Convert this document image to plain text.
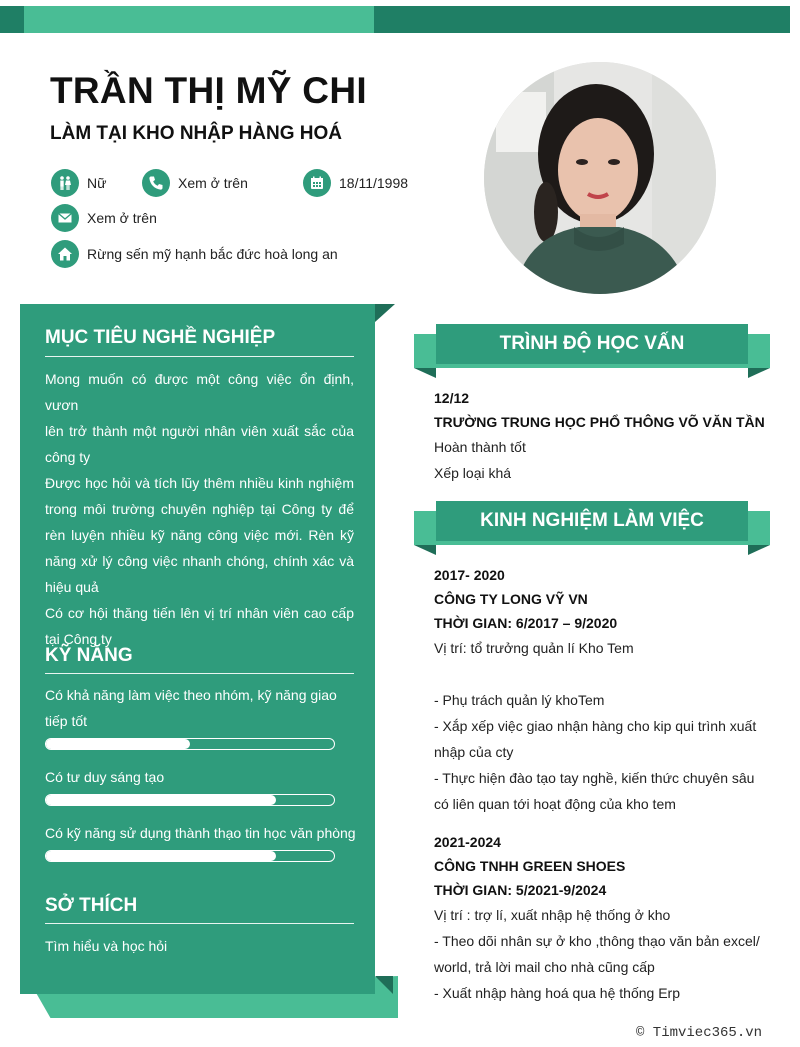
TRẦN THỊ MỸ CHI
LÀM TẠI KHO NHẬP HÀNG HOÁ
Nữ	Xem ở trên	18/11/1998
Xem ở trên
Rừng sến mỹ hạnh bắc đức hoà long an
MỤC TIÊU NGHỀ NGHIỆP
Mong muốn có được một công việc ổn định, vươn
lên trở thành một người nhân viên xuất sắc của
công ty
Được học hỏi và tích lũy thêm nhiều kinh nghiệm
trong môi trường chuyên nghiệp tại Công ty để
rèn luyện nhiều kỹ năng công việc mới. Rèn kỹ
năng xử lý công việc nhanh chóng, chính xác và
hiệu quả
Có cơ hội thăng tiến lên vị trí nhân viên cao cấp
tại Công ty
KỸ NĂNG
Có khả năng làm việc theo nhóm, kỹ năng giao
tiếp tốt
Có tư duy sáng tạo
Có kỹ năng sử dụng thành thạo tin học văn phòng
SỞ THÍCH
Tìm hiểu và học hỏi
TRÌNH ĐỘ HỌC VẤN
12/12
TRƯỜNG TRUNG HỌC PHỔ THÔNG VÕ VĂN TẦN
Hoàn thành tốt
Xếp loại khá
KINH NGHIỆM LÀM VIỆC
2017- 2020
CÔNG TY LONG VỸ VN
THỜI GIAN: 6/2017 – 9/2020
Vị trí: tổ trưởng quản lí Kho Tem
- Phụ trách quản lý khoTem
- Xắp xếp việc giao nhận hàng cho kip qui trình xuất
nhập của cty
- Thực hiện đào tạo tay nghề, kiến thức chuyên sâu
có liên quan tới hoạt động của kho tem
2021-2024
CÔNG TNHH GREEN SHOES
THỜI GIAN: 5/2021-9/2024
Vị trí : trợ lí, xuất nhập hệ thống ở kho
- Theo dõi nhân sự ở kho ,thông thạo văn bản excel/
world, trả lời mail cho nhà cũng cấp
- Xuất nhập hàng hoá qua hệ thống Erp
© Timviec365.vn
